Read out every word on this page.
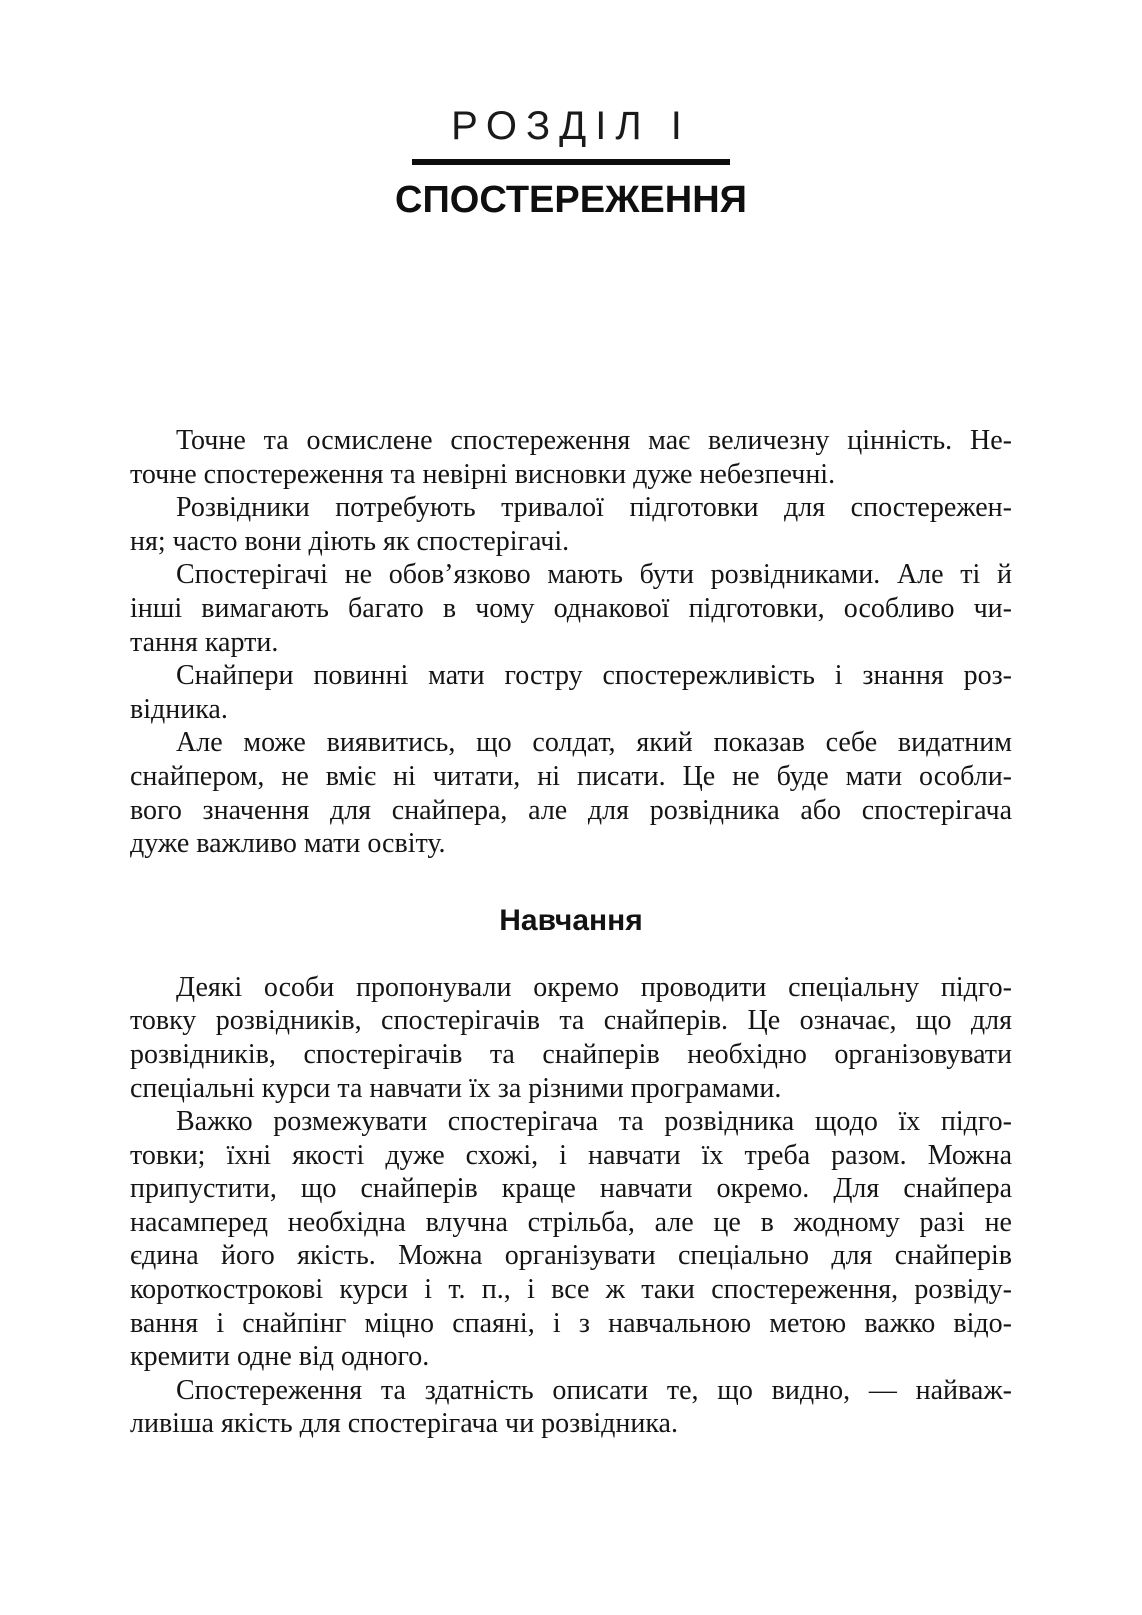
РОЗДІЛ І
СПОСТЕРЕЖЕННЯ

Точне та осмислене спостереження має величезну цінність. Не-
точне спостереження та невірні висновки дуже небезпечні.

Розвідники потребують тривалої підготовки для спостережен-
ня; часто вони діють як спостерігачі.

Спостерігачі не обов’язково мають бути розвідниками. Але ті й
інші вимагають багато в чому однакової підготовки, особливо чи-
тання карти.

Снайпери повинні мати гостру спостережливість і знання роз-
відника.

Але може виявитись, що солдат, який показав себе видатним
снайпером, не вміє ні читати, ні писати. Це не буде мати особли-
вого значення для снайпера, але для розвідника або спостерігача
дуже важливо мати освіту.

Навчання

Деякі особи пропонували окремо проводити спеціальну підго-
товку розвідників, спостерігачів та снайперів. Це означає, що для
розвідників, спостерігачів та снайперів необхідно організовувати
спеціальні курси та навчати їх за різними програмами.

Важко розмежувати спостерігача та розвідника щодо їх підго-
товки; їхні якості дуже схожі, і навчати їх треба разом. Можна
припустити, що снайперів краще навчати окремо. Для снайпера
насамперед необхідна влучна стрільба, але це в жодному разі не
єдина його якість. Можна організувати спеціально для снайперів
короткострокові курси і т. п., і все ж таки спостереження, розвіду-
вання і снайпінг міцно спаяні, і з навчальною метою важко відо-
кремити одне від одного.

Спостереження та здатність описати те, що видно, — найваж-
ливіша якість для спостерігача чи розвідника.
